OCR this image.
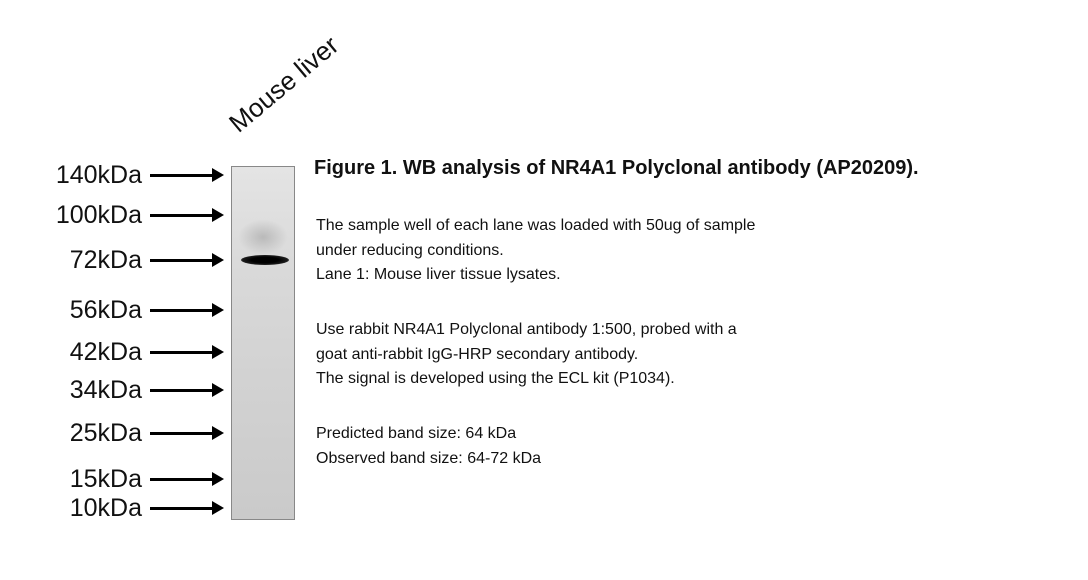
Mouse liver
140kDa
100kDa
72kDa
56kDa
42kDa
34kDa
25kDa
15kDa
10kDa
Figure 1. WB analysis of NR4A1 Polyclonal antibody (AP20209).

The sample well of each lane was loaded with 50ug of sample

under reducing conditions.

Lane 1: Mouse liver tissue lysates.

Use rabbit NR4A1 Polyclonal antibody 1:500, probed with a

goat anti-rabbit IgG-HRP secondary antibody.

The signal is developed using the ECL kit (P1034).

Predicted band size: 64 kDa

Observed band size: 64-72 kDa
